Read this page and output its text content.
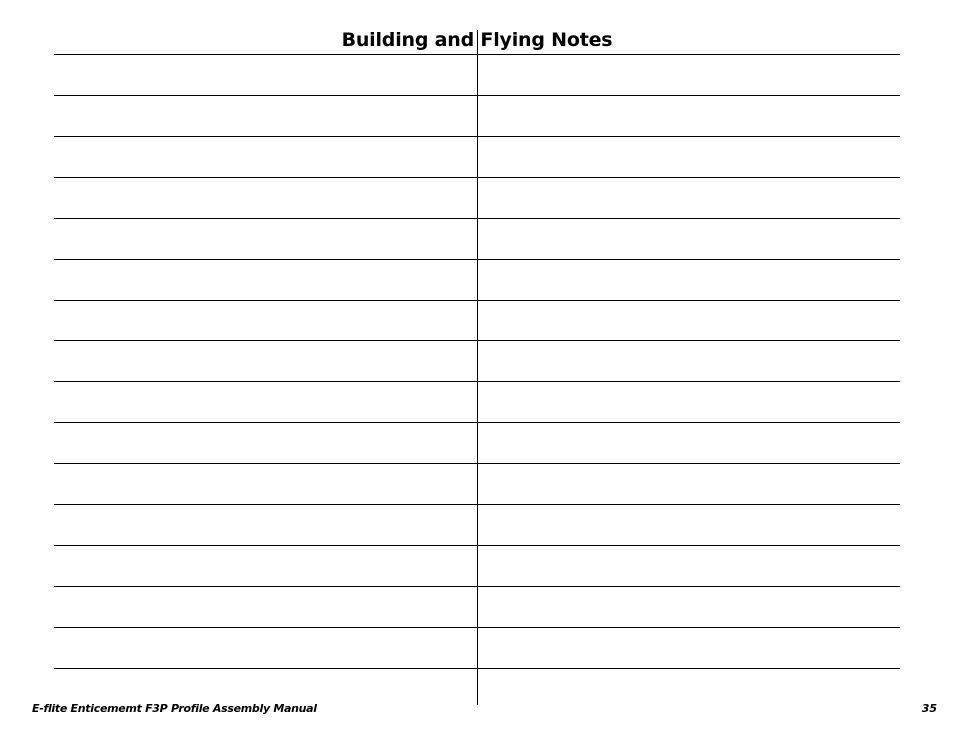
Building and Flying Notes
E-flite Enticememt F3P Profile Assembly Manual	35
